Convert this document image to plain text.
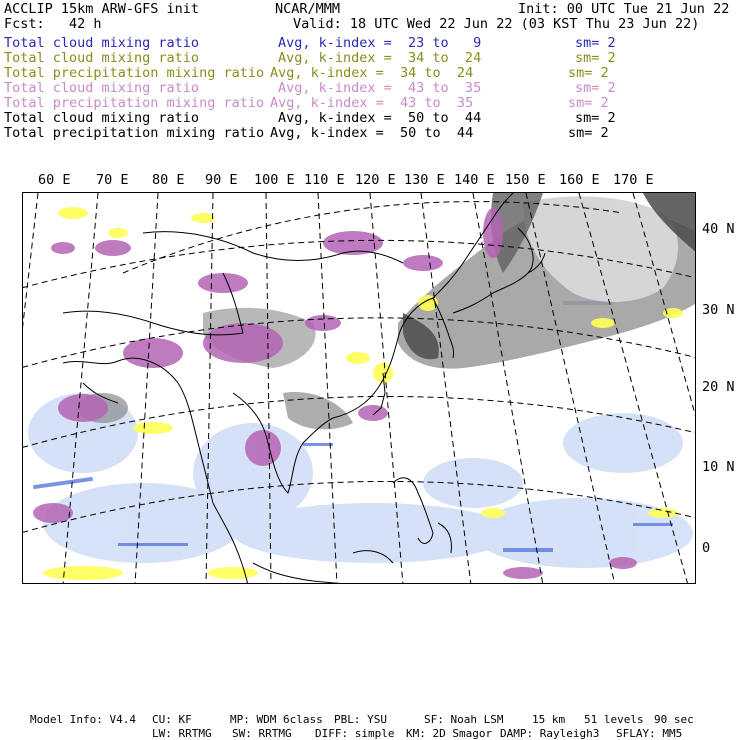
ACCLIP 15km ARW-GFS init	NCAR/MMM	Init: 00 UTC Tue 21 Jun 22
Fcst:   42 h	Valid: 18 UTC Wed 22 Jun 22 (03 KST Thu 23 Jun 22)
Total cloud mixing ratio	Avg, k-index =  23 to   9	sm= 2
Total cloud mixing ratio	Avg, k-index =  34 to  24	sm= 2
Total precipitation mixing ratio Avg, k-index =  34 to  24	sm= 2
Total cloud mixing ratio	Avg, k-index =  43 to  35	sm= 2
Total precipitation mixing ratio Avg, k-index =  43 to  35	sm= 2
Total cloud mixing ratio	Avg, k-index =  50 to  44	sm= 2
Total precipitation mixing ratio Avg, k-index =  50 to  44	sm= 2
60 E 70 E 80 E 90 E 100 E 110 E 120 E 130 E 140 E 150 E 160 E 170 E
40 N
30 N
20 N
10 N
0
Model Info: V4.4 CU: KF	MP: WDM 6class PBL: YSU	SF: Noah LSM	15 km 51 levels 90 sec
LW: RRTMG SW: RRTMG DIFF: simple KM: 2D Smagor DAMP: Rayleigh3 SFLAY: MM5
